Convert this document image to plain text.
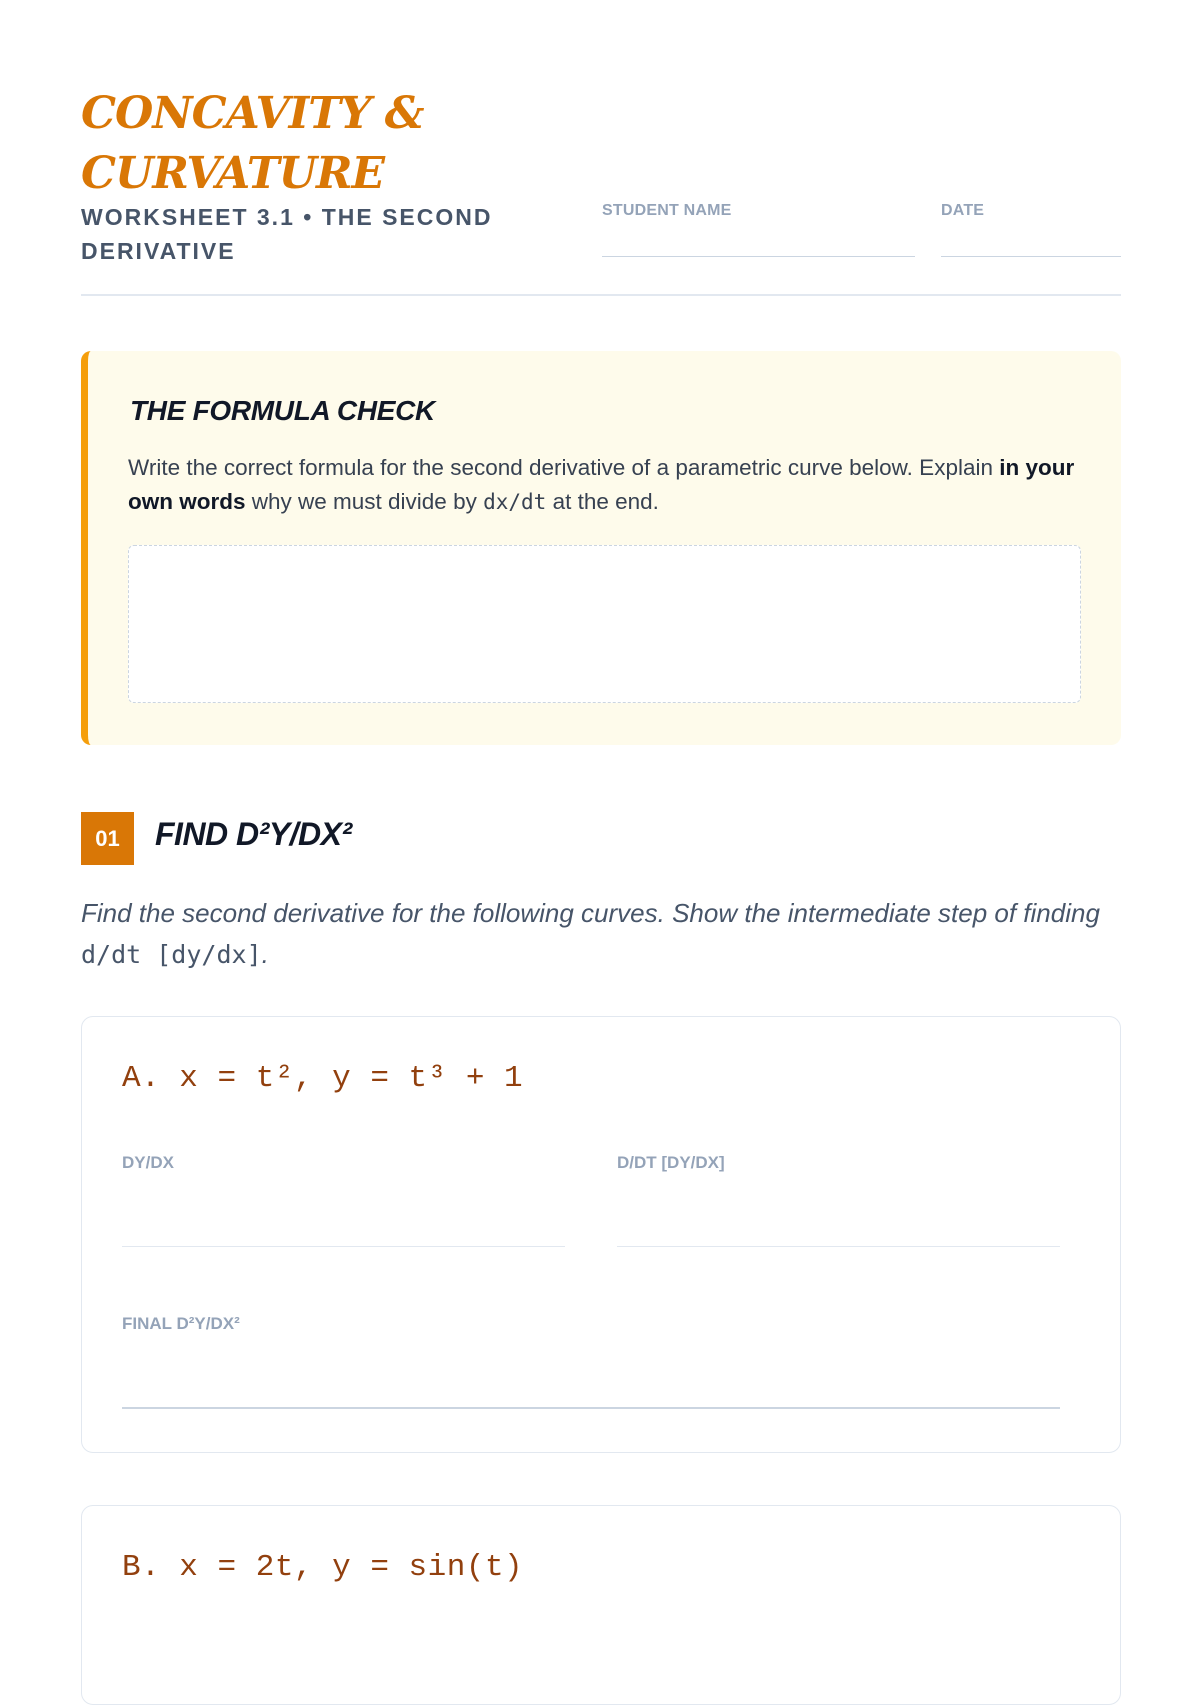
CONCAVITY & CURVATURE

WORKSHEET 3.1 • THE SECOND DERIVATIVE

STUDENT NAME	DATE
THE FORMULA CHECK

Write the correct formula for the second derivative of a parametric curve below. Explain in your own words why we must divide by dx/dt at the end.

01	FIND D²Y/DX²

Find the second derivative for the following curves. Show the intermediate step of finding d/dt [dy/dx].

A. x = t², y = t³ + 1

DY/DX	D/DT [DY/DX]
FINAL D²Y/DX²

B. x = 2t, y = sin(t)
